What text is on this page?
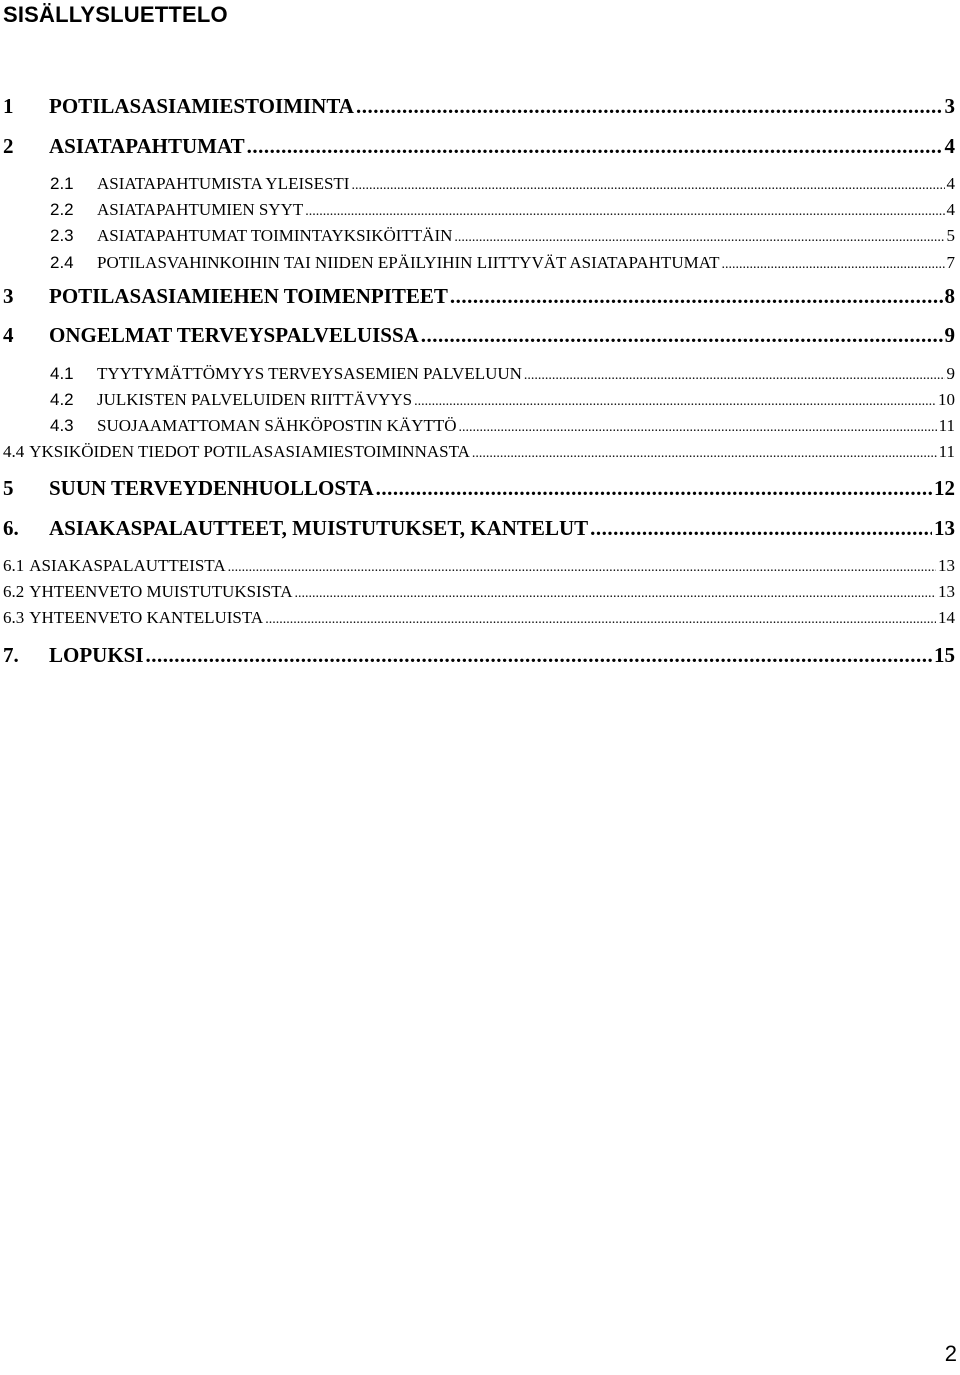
SISÄLLYSLUETTELO
1	POTILASASIAMIESTOIMINTA .....	3
2	ASIATAPAHTUMAT .....	4
2.1	ASIATAPAHTUMISTA YLEISESTI .....	4
2.2	ASIATAPAHTUMIEN SYYT .....	4
2.3	ASIATAPAHTUMAT TOIMINTAYKSIKÖITTÄIN .....	5
2.4	POTILASVAHINKOIHIN TAI NIIDEN EPÄILYIHIN LIITTYVÄT ASIATAPAHTUMAT .....	7
3	POTILASASIAMIEHEN TOIMENPITEET .....	8
4	ONGELMAT TERVEYSPALVELUISSA .....	9
4.1	TYYTYMÄTTÖMYYS TERVEYSASEMIEN PALVELUUN .....	9
4.2	JULKISTEN PALVELUIDEN RIITTÄVYYS .....	10
4.3	SUOJAAMATTOMAN SÄHKÖPOSTIN KÄYTTÖ .....	11
4.4 YKSIKÖIDEN TIEDOT POTILASASIAMIESTOIMINNASTA .....	11
5	SUUN TERVEYDENHUOLLOSTA .....	12
6.	ASIAKASPALAUTTEET, MUISTUTUKSET, KANTELUT .....	13
6.1 ASIAKASPALAUTTEISTA .....	13
6.2 YHTEENVETO MUISTUTUKSISTA .....	13
6.3 YHTEENVETO KANTELUISTA .....	14
7.	LOPUKSI .....	15
2
